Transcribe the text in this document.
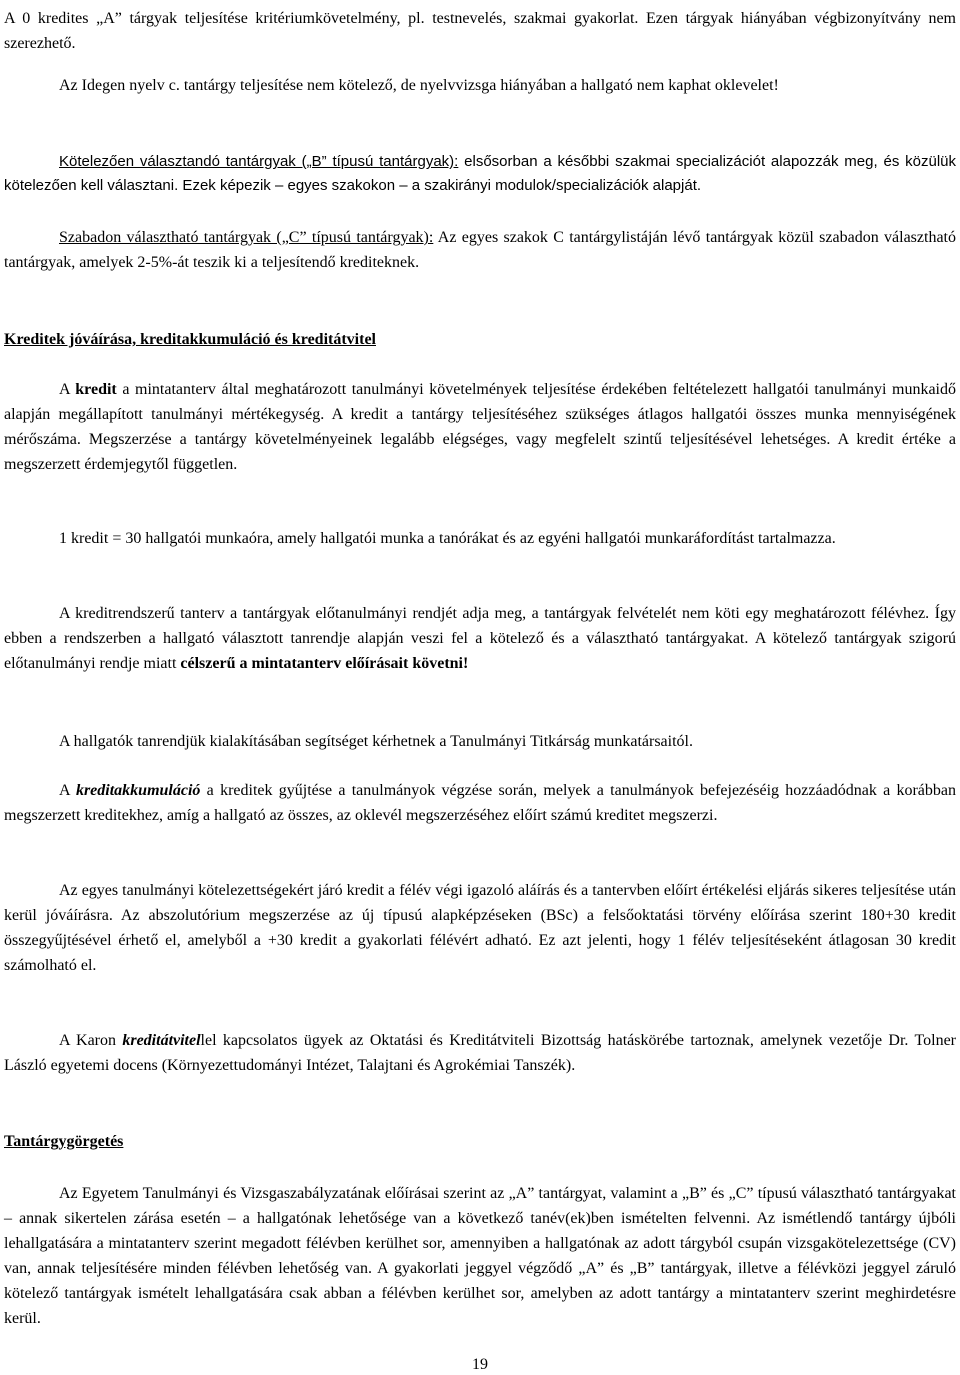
A 0 kredites „A” tárgyak teljesítése kritériumkövetelmény, pl. testnevelés, szakmai gyakorlat. Ezen tárgyak hiányában végbizonyítvány nem szerezhető.

Az Idegen nyelv c. tantárgy teljesítése nem kötelező, de nyelvvizsga hiányában a hallgató nem kaphat oklevelet!

Kötelezően választandó tantárgyak („B” típusú tantárgyak): elsősorban a későbbi szakmai specializációt alapozzák meg, és közülük kötelezően kell választani. Ezek képezik – egyes szakokon – a szakirányi modulok/specializációk alapját.

Szabadon választható tantárgyak („C” típusú tantárgyak): Az egyes szakok C tantárgylistáján lévő tantárgyak közül szabadon választható tantárgyak, amelyek 2-5%-át teszik ki a teljesítendő krediteknek.

Kreditek jóváírása, kreditakkumuláció és kreditátvitel

A kredit a mintatanterv által meghatározott tanulmányi követelmények teljesítése érdekében feltételezett hallgatói tanulmányi munkaidő alapján megállapított tanulmányi mértékegység. A kredit a tantárgy teljesítéséhez szükséges átlagos hallgatói összes munka mennyiségének mérőszáma. Megszerzése a tantárgy követelményeinek legalább elégséges, vagy megfelelt szintű teljesítésével lehetséges. A kredit értéke a megszerzett érdemjegytől független.

1 kredit = 30 hallgatói munkaóra, amely hallgatói munka a tanórákat és az egyéni hallgatói munkaráfordítást tartalmazza.

A kreditrendszerű tanterv a tantárgyak előtanulmányi rendjét adja meg, a tantárgyak felvételét nem köti egy meghatározott félévhez. Így ebben a rendszerben a hallgató választott tanrendje alapján veszi fel a kötelező és a választható tantárgyakat. A kötelező tantárgyak szigorú előtanulmányi rendje miatt célszerű a mintatanterv előírásait követni!

A hallgatók tanrendjük kialakításában segítséget kérhetnek a Tanulmányi Titkárság munkatársaitól.

A kreditakkumuláció a kreditek gyűjtése a tanulmányok végzése során, melyek a tanulmányok befejezéséig hozzáadódnak a korábban megszerzett kreditekhez, amíg a hallgató az összes, az oklevél megszerzéséhez előírt számú kreditet megszerzi.

Az egyes tanulmányi kötelezettségekért járó kredit a félév végi igazoló aláírás és a tantervben előírt értékelési eljárás sikeres teljesítése után kerül jóváírásra. Az abszolutórium megszerzése az új típusú alapképzéseken (BSc) a felsőoktatási törvény előírása szerint 180+30 kredit összegyűjtésével érhető el, amelyből a +30 kredit a gyakorlati félévért adható. Ez azt jelenti, hogy 1 félév teljesítéseként átlagosan 30 kredit számolható el.

A Karon kreditátvitellel kapcsolatos ügyek az Oktatási és Kreditátviteli Bizottság hatáskörébe tartoznak, amelynek vezetője Dr. Tolner László egyetemi docens (Környezettudományi Intézet, Talajtani és Agrokémiai Tanszék).

Tantárgygörgetés

Az Egyetem Tanulmányi és Vizsgaszabályzatának előírásai szerint az „A” tantárgyat, valamint a „B” és „C” típusú választható tantárgyakat – annak sikertelen zárása esetén – a hallgatónak lehetősége van a következő tanév(ek)ben ismételten felvenni. Az ismétlendő tantárgy újbóli lehallgatására a mintatanterv szerint megadott félévben kerülhet sor, amennyiben a hallgatónak az adott tárgyból csupán vizsgakötelezettsége (CV) van, annak teljesítésére minden félévben lehetőség van. A gyakorlati jeggyel végződő „A” és „B” tantárgyak, illetve a félévközi jeggyel záruló kötelező tantárgyak ismételt lehallgatására csak abban a félévben kerülhet sor, amelyben az adott tantárgy a mintatanterv szerint meghirdetésre kerül.

19
